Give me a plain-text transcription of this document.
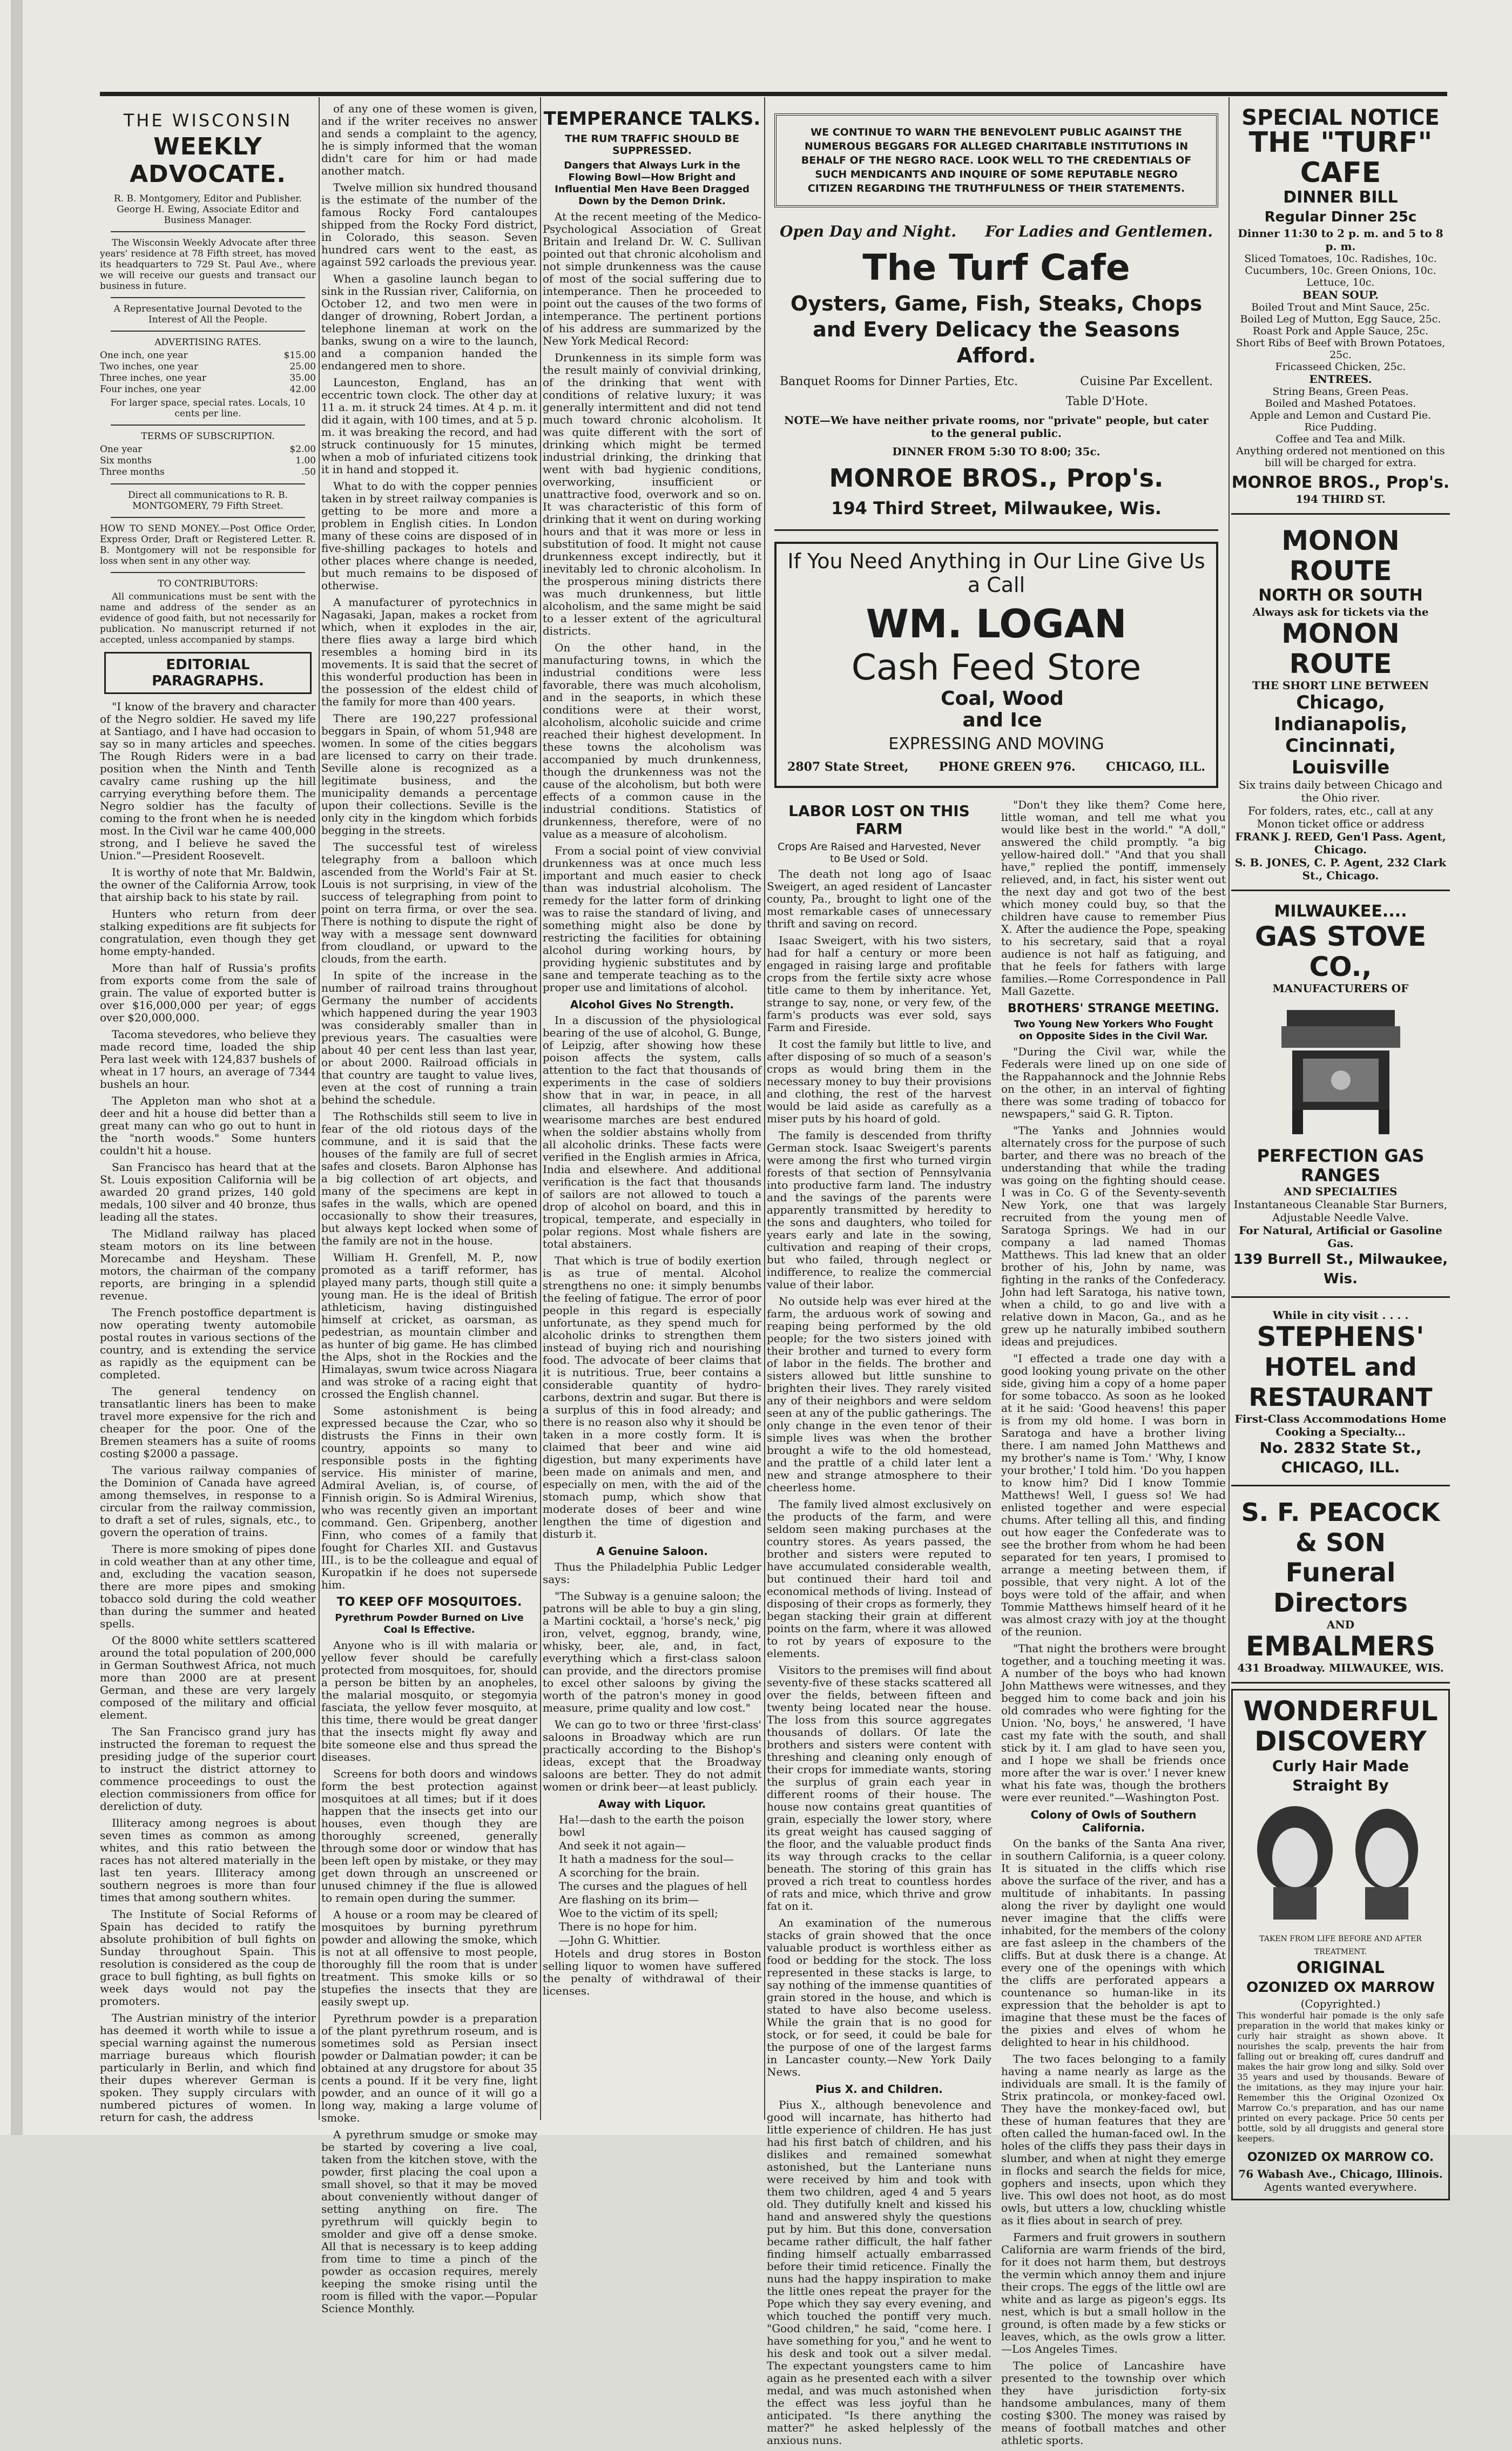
THE WISCONSIN
WEEKLY ADVOCATE.

R. B. Montgomery, Editor and Publisher. George H. Ewing, Associate Editor and Business Manager.

The Wisconsin Weekly Advocate after three years' residence at 78 Fifth street, has moved its headquarters to 729 St. Paul Ave., where we will receive our guests and transact our business in future.

A Representative Journal Devoted to the Interest of All the People.

ADVERTISING RATES.

One inch, one year	$15.00
Two inches, one year	25.00
Three inches, one year	35.00
Four inches, one year	42.00

For larger space, special rates. Locals, 10 cents per line.

TERMS OF SUBSCRIPTION.

One year	$2.00
Six months	1.00
Three months	.50

Direct all communications to R. B. MONTGOMERY, 79 Fifth Street.

HOW TO SEND MONEY.—Post Office Order, Express Order, Draft or Registered Letter. R. B. Montgomery will not be responsible for loss when sent in any other way.

TO CONTRIBUTORS:

All communications must be sent with the name and address of the sender as an evidence of good faith, but not necessarily for publication. No manuscript returned if not accepted, unless accompanied by stamps.

EDITORIAL PARAGRAPHS.

"I know of the bravery and character of the Negro soldier. He saved my life at Santiago, and I have had occasion to say so in many articles and speeches. The Rough Riders were in a bad position when the Ninth and Tenth cavalry came rushing up the hill carrying everything before them. The Negro soldier has the faculty of coming to the front when he is needed most. In the Civil war he came 400,000 strong, and I believe he saved the Union."—President Roosevelt.

It is worthy of note that Mr. Baldwin, the owner of the California Arrow, took that airship back to his state by rail.

Hunters who return from deer stalking expeditions are fit subjects for congratulation, even though they get home empty-handed.

More than half of Russia's profits from exports come from the sale of grain. The value of exported butter is over $16,000,000 per year; of eggs over $20,000,000.

Tacoma stevedores, who believe they made record time, loaded the ship Pera last week with 124,837 bushels of wheat in 17 hours, an average of 7344 bushels an hour.

The Appleton man who shot at a deer and hit a house did better than a great many can who go out to hunt in the "north woods." Some hunters couldn't hit a house.

San Francisco has heard that at the St. Louis exposition California will be awarded 20 grand prizes, 140 gold medals, 100 silver and 40 bronze, thus leading all the states.

The Midland railway has placed steam motors on its line between Morecambe and Heysham. These motors, the chairman of the company reports, are bringing in a splendid revenue.

The French postoffice department is now operating twenty automobile postal routes in various sections of the country, and is extending the service as rapidly as the equipment can be completed.

The general tendency on transatlantic liners has been to make travel more expensive for the rich and cheaper for the poor. One of the Bremen steamers has a suite of rooms costing $2000 a passage.

The various railway companies of the Dominion of Canada have agreed among themselves, in response to a circular from the railway commission, to draft a set of rules, signals, etc., to govern the operation of trains.

There is more smoking of pipes done in cold weather than at any other time, and, excluding the vacation season, there are more pipes and smoking tobacco sold during the cold weather than during the summer and heated spells.

Of the 8000 white settlers scattered around the total population of 200,000 in German Southwest Africa, not much more than 2000 are at present German, and these are very largely composed of the military and official element.

The San Francisco grand jury has instructed the foreman to request the presiding judge of the superior court to instruct the district attorney to commence proceedings to oust the election commissioners from office for dereliction of duty.

Illiteracy among negroes is about seven times as common as among whites, and this ratio between the races has not altered materially in the last ten years. Illiteracy among southern negroes is more than four times that among southern whites.

The Institute of Social Reforms of Spain has decided to ratify the absolute prohibition of bull fights on Sunday throughout Spain. This resolution is considered as the coup de grace to bull fighting, as bull fights on week days would not pay the promoters.

The Austrian ministry of the interior has deemed it worth while to issue a special warning against the numerous marriage bureaus which flourish particularly in Berlin, and which find their dupes wherever German is spoken. They supply circulars with numbered pictures of women. In return for cash, the address

of any one of these women is given, and if the writer receives no answer and sends a complaint to the agency, he is simply informed that the woman didn't care for him or had made another match.

Twelve million six hundred thousand is the estimate of the number of the famous Rocky Ford cantaloupes shipped from the Rocky Ford district, in Colorado, this season. Seven hundred cars went to the east, as against 592 carloads the previous year.

When a gasoline launch began to sink in the Russian river, California, on October 12, and two men were in danger of drowning, Robert Jordan, a telephone lineman at work on the banks, swung on a wire to the launch, and a companion handed the endangered men to shore.

Launceston, England, has an eccentric town clock. The other day at 11 a. m. it struck 24 times. At 4 p. m. it did it again, with 100 times, and at 5 p. m. it was breaking the record, and had struck continuously for 15 minutes, when a mob of infuriated citizens took it in hand and stopped it.

What to do with the copper pennies taken in by street railway companies is getting to be more and more a problem in English cities. In London many of these coins are disposed of in five-shilling packages to hotels and other places where change is needed, but much remains to be disposed of otherwise.

A manufacturer of pyrotechnics in Nagasaki, Japan, makes a rocket from which, when it explodes in the air, there flies away a large bird which resembles a homing bird in its movements. It is said that the secret of this wonderful production has been in the possession of the eldest child of the family for more than 400 years.

There are 190,227 professional beggars in Spain, of whom 51,948 are women. In some of the cities beggars are licensed to carry on their trade. Seville alone is recognized as a legitimate business, and the municipality demands a percentage upon their collections. Seville is the only city in the kingdom which forbids begging in the streets.

The successful test of wireless telegraphy from a balloon which ascended from the World's Fair at St. Louis is not surprising, in view of the success of telegraphing from point to point on terra firma, or over the sea. There is nothing to dispute the right of way with a message sent downward from cloudland, or upward to the clouds, from the earth.

In spite of the increase in the number of railroad trains throughout Germany the number of accidents which happened during the year 1903 was considerably smaller than in previous years. The casualties were about 40 per cent less than last year, or about 2000. Railroad officials in that country are taught to value lives, even at the cost of running a train behind the schedule.

The Rothschilds still seem to live in fear of the old riotous days of the commune, and it is said that the houses of the family are full of secret safes and closets. Baron Alphonse has a big collection of art objects, and many of the specimens are kept in safes in the walls, which are opened occasionally to show their treasures, but always kept locked when some of the family are not in the house.

William H. Grenfell, M. P., now promoted as a tariff reformer, has played many parts, though still quite a young man. He is the ideal of British athleticism, having distinguished himself at cricket, as oarsman, as pedestrian, as mountain climber and as hunter of big game. He has climbed the Alps, shot in the Rockies and the Himalayas, swum twice across Niagara and was stroke of a racing eight that crossed the English channel.

Some astonishment is being expressed because the Czar, who so distrusts the Finns in their own country, appoints so many to responsible posts in the fighting service. His minister of marine, Admiral Avelian, is, of course, of Finnish origin. So is Admiral Wirenius, who was recently given an important command. Gen. Gripenberg, another Finn, who comes of a family that fought for Charles XII. and Gustavus III., is to be the colleague and equal of Kuropatkin if he does not supersede him.

TO KEEP OFF MOSQUITOES.
Pyrethrum Powder Burned on Live Coal Is Effective.

Anyone who is ill with malaria or yellow fever should be carefully protected from mosquitoes, for, should a person be bitten by an anopheles, the malarial mosquito, or stegomyia fasciata, the yellow fever mosquito, at this time, there would be great danger that the insects might fly away and bite someone else and thus spread the diseases.

Screens for both doors and windows form the best protection against mosquitoes at all times; but if it does happen that the insects get into our houses, even though they are thoroughly screened, generally through some door or window that has been left open by mistake, or they may get down through an unscreened or unused chimney if the flue is allowed to remain open during the summer.

A house or a room may be cleared of mosquitoes by burning pyrethrum powder and allowing the smoke, which is not at all offensive to most people, thoroughly fill the room that is under treatment. This smoke kills or so stupefies the insects that they are easily swept up.

Pyrethrum powder is a preparation of the plant pyrethrum roseum, and is sometimes sold as Persian insect powder or Dalmatian powder; it can be obtained at any drugstore for about 35 cents a pound. If it be very fine, light powder, and an ounce of it will go a long way, making a large volume of smoke.

A pyrethrum smudge or smoke may be started by covering a live coal, taken from the kitchen stove, with the powder, first placing the coal upon a small shovel, so that it may be moved about conveniently without danger of setting anything on fire. The pyrethrum will quickly begin to smolder and give off a dense smoke. All that is necessary is to keep adding from time to time a pinch of the powder as occasion requires, merely keeping the smoke rising until the room is filled with the vapor.—Popular Science Monthly.

TEMPERANCE TALKS.
THE RUM TRAFFIC SHOULD BE SUPPRESSED.
Dangers that Always Lurk in the Flowing Bowl—How Bright and Influential Men Have Been Dragged Down by the Demon Drink.

At the recent meeting of the Medico-Psychological Association of Great Britain and Ireland Dr. W. C. Sullivan pointed out that chronic alcoholism and not simple drunkenness was the cause of most of the social suffering due to intemperance. Then he proceeded to point out the causes of the two forms of intemperance. The pertinent portions of his address are summarized by the New York Medical Record:

Drunkenness in its simple form was the result mainly of convivial drinking, of the drinking that went with conditions of relative luxury; it was generally intermittent and did not tend much toward chronic alcoholism. It was quite different with the sort of drinking which might be termed industrial drinking, the drinking that went with bad hygienic conditions, overworking, insufficient or unattractive food, overwork and so on. It was characteristic of this form of drinking that it went on during working hours and that it was more or less in substitution of food. It might not cause drunkenness except indirectly, but it inevitably led to chronic alcoholism. In the prosperous mining districts there was much drunkenness, but little alcoholism, and the same might be said to a lesser extent of the agricultural districts.

On the other hand, in the manufacturing towns, in which the industrial conditions were less favorable, there was much alcoholism, and in the seaports, in which these conditions were at their worst, alcoholism, alcoholic suicide and crime reached their highest development. In these towns the alcoholism was accompanied by much drunkenness, though the drunkenness was not the cause of the alcoholism, but both were effects of a common cause in the industrial conditions. Statistics of drunkenness, therefore, were of no value as a measure of alcoholism.

From a social point of view convivial drunkenness was at once much less important and much easier to check than was industrial alcoholism. The remedy for the latter form of drinking was to raise the standard of living, and something might also be done by restricting the facilities for obtaining alcohol during working hours, by providing hygienic substitutes and by sane and temperate teaching as to the proper use and limitations of alcohol.

Alcohol Gives No Strength.

In a discussion of the physiological bearing of the use of alcohol, G. Bunge, of Leipzig, after showing how these poison affects the system, calls attention to the fact that thousands of experiments in the case of soldiers show that in war, in peace, in all climates, all hardships of the most wearisome marches are best endured when the soldier abstains wholly from all alcoholic drinks. These facts were verified in the English armies in Africa, India and elsewhere. And additional verification is the fact that thousands of sailors are not allowed to touch a drop of alcohol on board, and this in tropical, temperate, and especially in polar regions. Most whale fishers are total abstainers.

That which is true of bodily exertion is as true of mental. Alcohol strengthens no one: it simply benumbs the feeling of fatigue. The error of poor people in this regard is especially unfortunate, as they spend much for alcoholic drinks to strengthen them instead of buying rich and nourishing food. The advocate of beer claims that it is nutritious. True, beer contains a considerable quantity of hydro-carbons, dextrin and sugar. But there is a surplus of this in food already; and there is no reason also why it should be taken in a more costly form. It is claimed that beer and wine aid digestion, but many experiments have been made on animals and men, and especially on men, with the aid of the stomach pump, which show that moderate doses of beer and wine lengthen the time of digestion and disturb it.

A Genuine Saloon.

Thus the Philadelphia Public Ledger says:

"The Subway is a genuine saloon; the patrons will be able to buy a gin sling, a Martini cocktail, a 'horse's neck,' pig iron, velvet, eggnog, brandy, wine, whisky, beer, ale, and, in fact, everything which a first-class saloon can provide, and the directors promise to excel other saloons by giving the worth of the patron's money in good measure, prime quality and low cost."

We can go to two or three 'first-class' saloons in Broadway which are run practically according to the Bishop's ideas, except that the Broadway saloons are better. They do not admit women or drink beer—at least publicly.

Away with Liquor.
Ha!—dash to the earth the poison bowl
And seek it not again—
It hath a madness for the soul—
A scorching for the brain.
The curses and the plagues of hell
Are flashing on its brim—
Woe to the victim of its spell;
There is no hope for him.
—John G. Whittier.

Hotels and drug stores in Boston selling liquor to women have suffered the penalty of withdrawal of their licenses.

WE CONTINUE TO WARN THE BENEVOLENT PUBLIC AGAINST THE NUMEROUS BEGGARS FOR ALLEGED CHARITABLE INSTITUTIONS IN BEHALF OF THE NEGRO RACE. LOOK WELL TO THE CREDENTIALS OF SUCH MENDICANTS AND INQUIRE OF SOME REPUTABLE NEGRO CITIZEN REGARDING THE TRUTHFULNESS OF THEIR STATEMENTS.
Open Day and Night. For Ladies and Gentlemen.
The Turf Cafe
Oysters, Game, Fish, Steaks, Chops and Every Delicacy the Seasons Afford.
Banquet Rooms for Dinner Parties, Etc.	Cuisine Par Excellent.
Table D'Hote.
NOTE—We have neither private rooms, nor "private" people, but cater to the general public.
DINNER FROM 5:30 TO 8:00; 35c.
MONROE BROS., Prop's.
194 Third Street, Milwaukee, Wis.
If You Need Anything in Our Line Give Us a Call
WM. LOGAN
Cash Feed Store Coal, Wood and Ice
EXPRESSING AND MOVING
2807 State Street,	PHONE GREEN 976.	CHICAGO, ILL.
LABOR LOST ON THIS FARM
Crops Are Raised and Harvested, Never to Be Used or Sold.

The death not long ago of Isaac Sweigert, an aged resident of Lancaster county, Pa., brought to light one of the most remarkable cases of unnecessary thrift and saving on record.

Isaac Sweigert, with his two sisters, had for half a century or more been engaged in raising large and profitable crops from the fertile sixty acre whose title came to them by inheritance. Yet, strange to say, none, or very few, of the farm's products was ever sold, says Farm and Fireside.

It cost the family but little to live, and after disposing of so much of a season's crops as would bring them in the necessary money to buy their provisions and clothing, the rest of the harvest would be laid aside as carefully as a miser puts by his hoard of gold.

The family is descended from thrifty German stock. Isaac Sweigert's parents were among the first who turned virgin forests of that section of Pennsylvania into productive farm land. The industry and the savings of the parents were apparently transmitted by heredity to the sons and daughters, who toiled for years early and late in the sowing, cultivation and reaping of their crops, but who failed, through neglect or indifference, to realize the commercial value of their labor.

No outside help was ever hired at the farm, the arduous work of sowing and reaping being performed by the old people; for the two sisters joined with their brother and turned to every form of labor in the fields. The brother and sisters allowed but little sunshine to brighten their lives. They rarely visited any of their neighbors and were seldom seen at any of the public gatherings. The only change in the even tenor of their simple lives was when the brother brought a wife to the old homestead, and the prattle of a child later lent a new and strange atmosphere to their cheerless home.

The family lived almost exclusively on the products of the farm, and were seldom seen making purchases at the country stores. As years passed, the brother and sisters were reputed to have accumulated considerable wealth, but continued their hard toil and economical methods of living. Instead of disposing of their crops as formerly, they began stacking their grain at different points on the farm, where it was allowed to rot by years of exposure to the elements.

Visitors to the premises will find about seventy-five of these stacks scattered all over the fields, between fifteen and twenty being located near the house. The loss from this source aggregates thousands of dollars. Of late the brothers and sisters were content with threshing and cleaning only enough of their crops for immediate wants, storing the surplus of grain each year in different rooms of their house. The house now contains great quantities of grain, especially the lower story, where its great weight has caused sagging of the floor, and the valuable product finds its way through cracks to the cellar beneath. The storing of this grain has proved a rich treat to countless hordes of rats and mice, which thrive and grow fat on it.

An examination of the numerous stacks of grain showed that the once valuable product is worthless either as food or bedding for the stock. The loss represented in these stacks is large, to say nothing of the immense quantities of grain stored in the house, and which is stated to have also become useless. While the grain that is no good for stock, or for seed, it could be bale for the purpose of one of the largest farms in Lancaster county.—New York Daily News.

Pius X. and Children.

Pius X., although benevolence and good will incarnate, has hitherto had little experience of children. He has just had his first batch of children, and his dislikes and remained somewhat astonished, but the Lanteriane nuns were received by him and took with them two children, aged 4 and 5 years old. They dutifully knelt and kissed his hand and answered shyly the questions put by him. But this done, conversation became rather difficult, the half father finding himself actually embarrassed before their timid reticence. Finally the nuns had the happy inspiration to make the little ones repeat the prayer for the Pope which they say every evening, and which touched the pontiff very much. "Good children," he said, "come here. I have something for you," and he went to his desk and took out a silver medal. The expectant youngsters came to him again as he presented each with a silver medal, and was much astonished when the effect was less joyful than he anticipated. "Is there anything the matter?" he asked helplessly of the anxious nuns.

"Don't they like them? Come here, little woman, and tell me what you would like best in the world." "A doll," answered the child promptly. "a big yellow-haired doll." "And that you shall have," replied the pontiff, immensely relieved, and, in fact, his sister went out the next day and got two of the best which money could buy, so that the children have cause to remember Pius X. After the audience the Pope, speaking to his secretary, said that a royal audience is not half as fatiguing, and that he feels for fathers with large families.—Rome Correspondence in Pall Mall Gazette.

BROTHERS' STRANGE MEETING.
Two Young New Yorkers Who Fought on Opposite Sides in the Civil War.

"During the Civil war, while the Federals were lined up on one side of the Rappahannock and the Johnnie Rebs on the other, in an interval of fighting there was some trading of tobacco for newspapers," said G. R. Tipton.

"The Yanks and Johnnies would alternately cross for the purpose of such barter, and there was no breach of the understanding that while the trading was going on the fighting should cease. I was in Co. G of the Seventy-seventh New York, one that was largely recruited from the young men of Saratoga Springs. We had in our company a lad named Thomas Matthews. This lad knew that an older brother of his, John by name, was fighting in the ranks of the Confederacy. John had left Saratoga, his native town, when a child, to go and live with a relative down in Macon, Ga., and as he grew up he naturally imbibed southern ideas and prejudices.

"I effected a trade one day with a good looking young private on the other side, giving him a copy of a home paper for some tobacco. As soon as he looked at it he said: 'Good heavens! this paper is from my old home. I was born in Saratoga and have a brother living there. I am named John Matthews and my brother's name is Tom.' 'Why, I know your brother,' I told him. 'Do you happen to know him? Did I know Tommie Matthews! Well, I guess so! We had enlisted together and were especial chums. After telling all this, and finding out how eager the Confederate was to see the brother from whom he had been separated for ten years, I promised to arrange a meeting between them, if possible, that very night. A lot of the boys were told of the affair, and when Tommie Matthews himself heard of it he was almost crazy with joy at the thought of the reunion.

"That night the brothers were brought together, and a touching meeting it was. A number of the boys who had known John Matthews were witnesses, and they begged him to come back and join his old comrades who were fighting for the Union. 'No, boys,' he answered, 'I have cast my fate with the south, and shall stick by it. I am glad to have seen you, and I hope we shall be friends once more after the war is over.' I never knew what his fate was, though the brothers were ever reunited."—Washington Post.

Colony of Owls of Southern California.

On the banks of the Santa Ana river, in southern California, is a queer colony. It is situated in the cliffs which rise above the surface of the river, and has a multitude of inhabitants. In passing along the river by daylight one would never imagine that the cliffs were inhabited, for the members of the colony are fast asleep in the chambers of the cliffs. But at dusk there is a change. At every one of the openings with which the cliffs are perforated appears a countenance so human-like in its expression that the beholder is apt to imagine that these must be the faces of the pixies and elves of whom he delighted to hear in his childhood.

The two faces belonging to a family having a name nearly as large as the individuals are small. It is the family of Strix pratincola, or monkey-faced owl. They have the monkey-faced owl, but these of human features that they are often called the human-faced owl. In the holes of the cliffs they pass their days in slumber, and when at night they emerge in flocks and search the fields for mice, gophers and insects, upon which they live. This owl does not hoot, as do most owls, but utters a low, chuckling whistle as it flies about in search of prey.

Farmers and fruit growers in southern California are warm friends of the bird, for it does not harm them, but destroys the vermin which annoy them and injure their crops. The eggs of the little owl are white and as large as pigeon's eggs. Its nest, which is but a small hollow in the ground, is often made by a few sticks or leaves, which, as the owls grow a litter.—Los Angeles Times.

The police of Lancashire have presented to the township over which they have jurisdiction forty-six handsome ambulances, many of them costing $300. The money was raised by means of football matches and other athletic sports.

SPECIAL NOTICE
THE "TURF" CAFE
DINNER BILL
Regular Dinner 25c
Dinner 11:30 to 2 p. m. and 5 to 8 p. m.
Sliced Tomatoes, 10c. Radishes, 10c.
Cucumbers, 10c. Green Onions, 10c.
Lettuce, 10c.
BEAN SOUP.
Boiled Trout and Mint Sauce, 25c.
Boiled Leg of Mutton, Egg Sauce, 25c.
Roast Pork and Apple Sauce, 25c.
Short Ribs of Beef with Brown Potatoes, 25c.
Fricasseed Chicken, 25c.
ENTREES.
String Beans, Green Peas.
Boiled and Mashed Potatoes.
Apple and Lemon and Custard Pie.
Rice Pudding.
Coffee and Tea and Milk.
Anything ordered not mentioned on this bill will be charged for extra.
MONROE BROS., Prop's.
194 THIRD ST.
MONON ROUTE
NORTH OR SOUTH
Always ask for tickets via the
MONON ROUTE
THE SHORT LINE BETWEEN
Chicago,
Indianapolis,
Cincinnati,
Louisville
Six trains daily between Chicago and the Ohio river.
For folders, rates, etc., call at any Monon ticket office or address
FRANK J. REED, Gen'l Pass. Agent, Chicago.
S. B. JONES, C. P. Agent, 232 Clark St., Chicago.
MILWAUKEE....
GAS STOVE CO.,
MANUFACTURERS OF
PERFECTION GAS RANGES
AND SPECIALTIES
Instantaneous Cleanable Star Burners, Adjustable Needle Valve.
For Natural, Artificial or Gasoline Gas.
139 Burrell St., Milwaukee, Wis.
While in city visit . . . .
STEPHENS'
HOTEL and RESTAURANT
First-Class Accommodations Home Cooking a Specialty...
No. 2832 State St., CHICAGO, ILL.
S. F. PEACOCK & SON
Funeral Directors
AND
EMBALMERS
431 Broadway. MILWAUKEE, WIS.
WONDERFUL DISCOVERY
Curly Hair Made Straight By
TAKEN FROM LIFE BEFORE AND AFTER TREATMENT.
ORIGINAL
OZONIZED OX MARROW
(Copyrighted.)

This wonderful hair pomade is the only safe preparation in the world that makes kinky or curly hair straight as shown above. It nourishes the scalp, prevents the hair from falling out or breaking off, cures dandruff and makes the hair grow long and silky. Sold over 35 years and used by thousands. Beware of the imitations, as they may injure your hair. Remember this the Original Ozonized Ox Marrow Co.'s preparation, and has our name printed on every package. Price 50 cents per bottle, sold by all druggists and general store keepers.

OZONIZED OX MARROW CO.
76 Wabash Ave., Chicago, Illinois.
Agents wanted everywhere.
